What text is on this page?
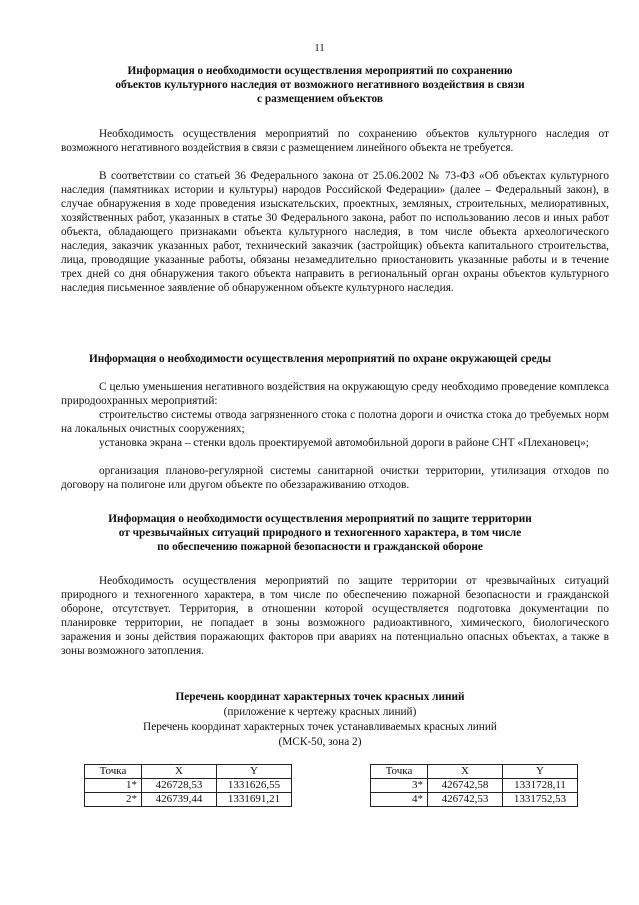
11
Информация о необходимости осуществления мероприятий по сохранению
объектов культурного наследия от возможного негативного воздействия в связи
с размещением объектов
Необходимость осуществления мероприятий по сохранению объектов культурного наследия от возможного негативного воздействия в связи с размещением линейного объекта не требуется.
В соответствии со статьей 36 Федерального закона от 25.06.2002 № 73-ФЗ «Об объектах культурного наследия (памятниках истории и культуры) народов Российской Федерации» (далее – Федеральный закон), в случае обнаружения в ходе проведения изыскательских, проектных, земляных, строительных, мелиоративных, хозяйственных работ, указанных в статье 30 Федерального закона, работ по использованию лесов и иных работ объекта, обладающего признаками объекта культурного наследия, в том числе объекта археологического наследия, заказчик указанных работ, технический заказчик (застройщик) объекта капитального строительства, лица, проводящие указанные работы, обязаны незамедлительно приостановить указанные работы и в течение трех дней со дня обнаружения такого объекта направить в региональный орган охраны объектов культурного наследия письменное заявление об обнаруженном объекте культурного наследия.
Информация о необходимости осуществления мероприятий по охране окружающей среды
С целью уменьшения негативного воздействия на окружающую среду необходимо проведение комплекса природоохранных мероприятий:
строительство системы отвода загрязненного стока с полотна дороги и очистка стока до требуемых норм на локальных очистных сооружениях;
установка экрана – стенки вдоль проектируемой автомобильной дороги в районе СНТ «Плехановец»;
организация планово-регулярной системы санитарной очистки территории, утилизация отходов по договору на полигоне или другом объекте по обеззараживанию отходов.
Информация о необходимости осуществления мероприятий по защите территории
от чрезвычайных ситуаций природного и техногенного характера, в том числе
по обеспечению пожарной безопасности и гражданской обороне
Необходимость осуществления мероприятий по защите территории от чрезвычайных ситуаций природного и техногенного характера, в том числе по обеспечению пожарной безопасности и гражданской обороне, отсутствует. Территория, в отношении которой осуществляется подготовка документации по планировке территории, не попадает в зоны возможного радиоактивного, химического, биологического заражения и зоны действия поражающих факторов при авариях на потенциально опасных объектах, а также в зоны возможного затопления.
Перечень координат характерных точек красных линий
(приложение к чертежу красных линий)
Перечень координат характерных точек устанавливаемых красных линий
(МСК-50, зона 2)
Точка	X	Y
1*	426728,53	1331626,55
2*	426739,44	1331691,21
Точка	X	Y
3*	426742,58	1331728,11
4*	426742,53	1331752,53
